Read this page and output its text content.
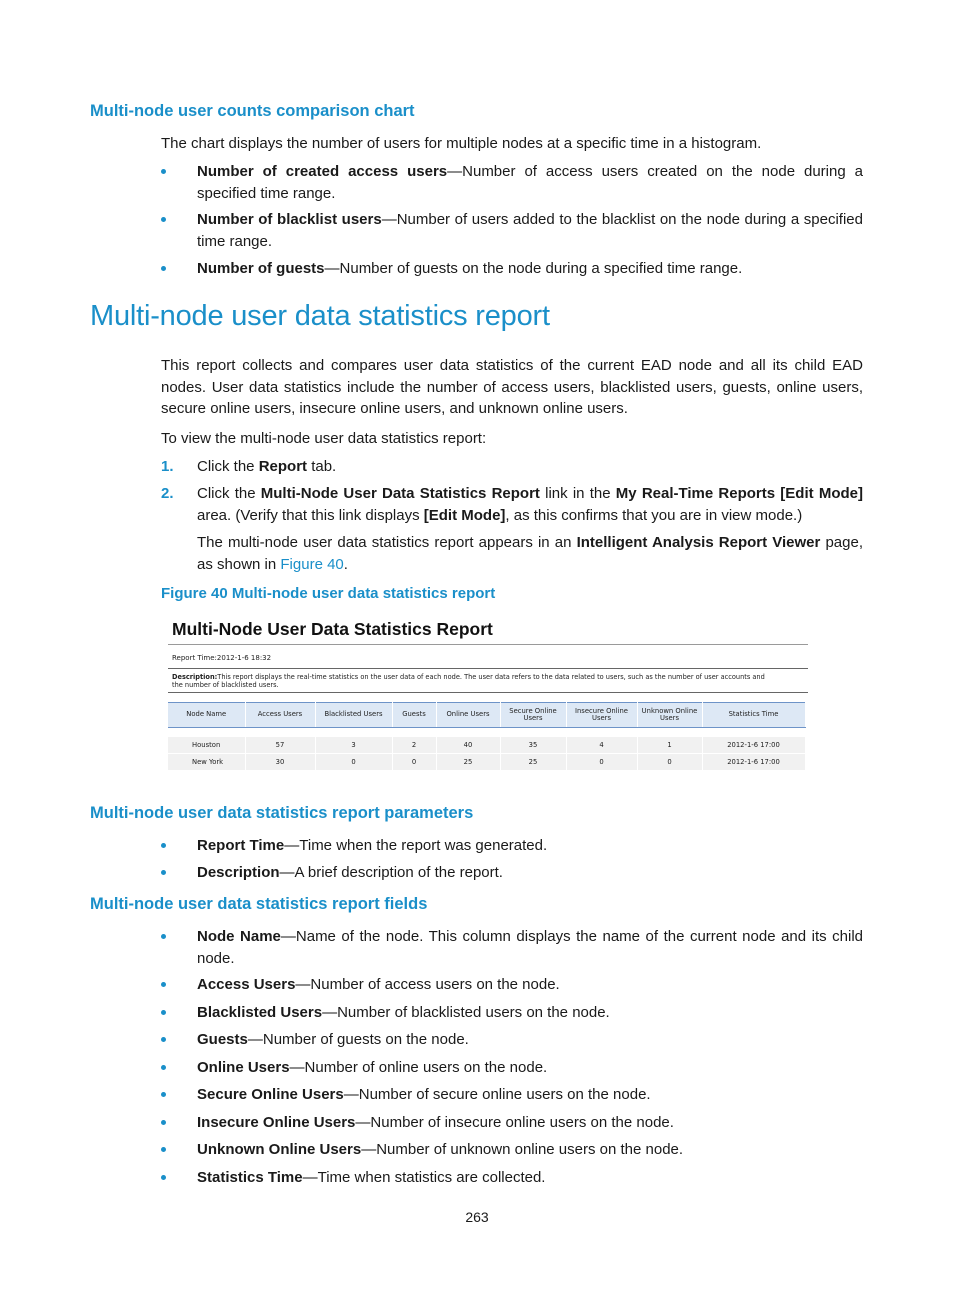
Multi-node user counts comparison chart
The chart displays the number of users for multiple nodes at a specific time in a histogram.
Number of created access users—Number of access users created on the node during a specified time range.
Number of blacklist users—Number of users added to the blacklist on the node during a specified time range.
Number of guests—Number of guests on the node during a specified time range.
Multi-node user data statistics report
This report collects and compares user data statistics of the current EAD node and all its child EAD nodes. User data statistics include the number of access users, blacklisted users, guests, online users, secure online users, insecure online users, and unknown online users.
To view the multi-node user data statistics report:
1. Click the Report tab.
2. Click the Multi-Node User Data Statistics Report link in the My Real-Time Reports [Edit Mode] area. (Verify that this link displays [Edit Mode], as this confirms that you are in view mode.)
The multi-node user data statistics report appears in an Intelligent Analysis Report Viewer page, as shown in Figure 40.
Figure 40 Multi-node user data statistics report
Multi-Node User Data Statistics Report
Report Time:2012-1-6 18:32
Description:This report displays the real-time statistics on the user data of each node. The user data refers to the data related to users, such as the number of user accounts and the number of blacklisted users.
Node Name	Access Users	Blacklisted Users	Guests	Online Users	Secure Online Users	Insecure Online Users	Unknown Online Users	Statistics Time

Houston	57	3	2	40	35	4	1	2012-1-6 17:00
New York	30	0	0	25	25	0	0	2012-1-6 17:00
Multi-node user data statistics report parameters
Report Time—Time when the report was generated.
Description—A brief description of the report.
Multi-node user data statistics report fields
Node Name—Name of the node. This column displays the name of the current node and its child node.
Access Users—Number of access users on the node.
Blacklisted Users—Number of blacklisted users on the node.
Guests—Number of guests on the node.
Online Users—Number of online users on the node.
Secure Online Users—Number of secure online users on the node.
Insecure Online Users—Number of insecure online users on the node.
Unknown Online Users—Number of unknown online users on the node.
Statistics Time—Time when statistics are collected.
263
